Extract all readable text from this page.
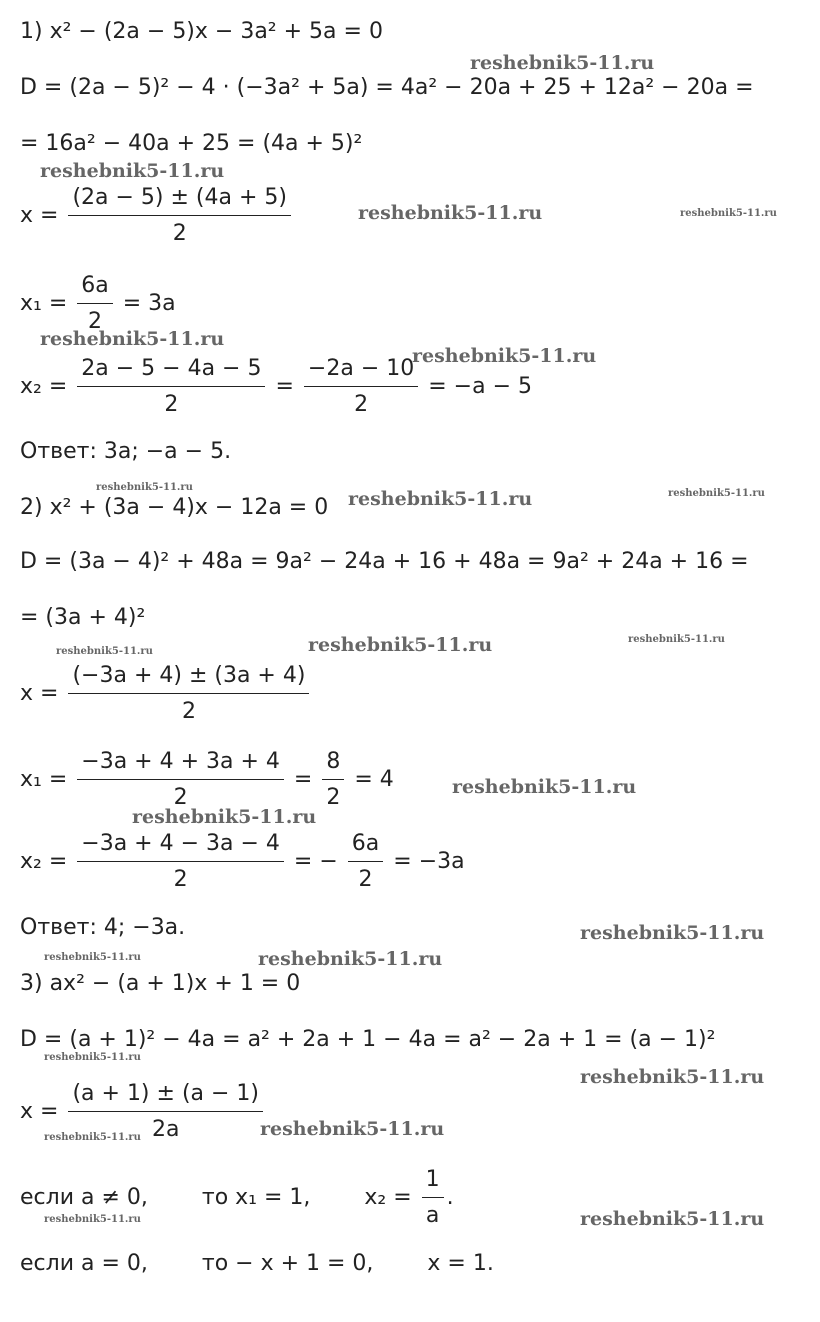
1) x² − (2a − 5)x − 3a² + 5a = 0
D = (2a − 5)² − 4 · (−3a² + 5a) = 4a² − 20a + 25 + 12a² − 20a =
= 16a² − 40a + 25 = (4a + 5)²
$x = \frac{(2a - 5) \pm (4a + 5)}{2}$
$x_1 = \frac{6a}{2} = 3a$
$x_2 = \frac{2a - 5 - 4a - 5}{2} = \frac{-2a - 10}{2} = -a - 5$
Ответ: 3a; −a − 5.
2) x² + (3a − 4)x − 12a = 0
D = (3a − 4)² + 48a = 9a² − 24a + 16 + 48a = 9a² + 24a + 16 =
= (3a + 4)²
$x = \frac{(-3a + 4) \pm (3a + 4)}{2}$
$x_1 = \frac{-3a + 4 + 3a + 4}{2} = \frac{8}{2} = 4$
$x_2 = \frac{-3a + 4 - 3a - 4}{2}$ = − $\frac{6a}{2} = -3a$
Ответ: 4; −3a.
3) ax² − (a + 1)x + 1 = 0
D = (a + 1)² − 4a = a² + 2a + 1 − 4a = a² − 2a + 1 = (a − 1)²
$x = \frac{(a + 1) \pm (a - 1)}{2a}$
если a ≠ 0, то x₁ = 1, $x_2 = \frac{1}{a}$ .
если a = 0, то − x + 1 = 0, x = 1.
reshebnik5-11.ru
reshebnik5-11.ru
reshebnik5-11.ru	reshebnik5-11.ru
reshebnik5-11.ru
reshebnik5-11.ru
reshebnik5-11.ru
reshebnik5-11.ru	reshebnik5-11.ru
reshebnik5-11.ru	reshebnik5-11.ru
reshebnik5-11.ru
reshebnik5-11.ru
reshebnik5-11.ru
reshebnik5-11.ru
reshebnik5-11.ru	reshebnik5-11.ru
reshebnik5-11.ru
reshebnik5-11.ru
reshebnik5-11.ru
reshebnik5-11.ru
reshebnik5-11.ru	reshebnik5-11.ru
